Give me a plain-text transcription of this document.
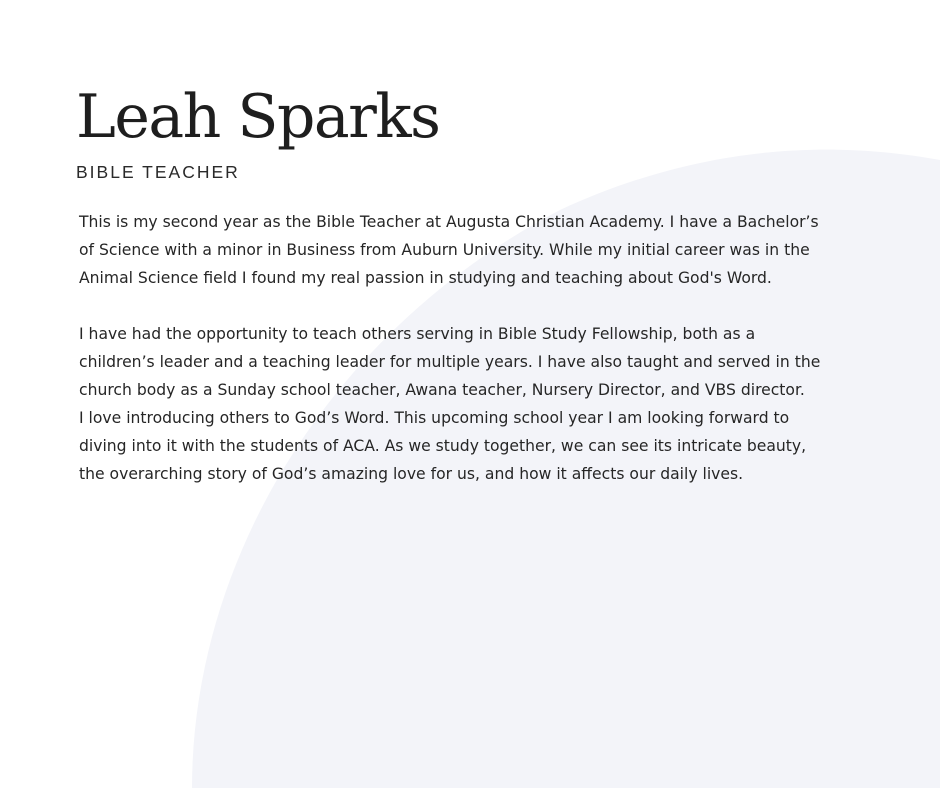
Leah Sparks
BIBLE TEACHER

This is my second year as the Bible Teacher at Augusta Christian Academy. I have a Bachelor’s
of Science with a minor in Business from Auburn University. While my initial career was in the
Animal Science field I found my real passion in studying and teaching about God's Word.

I have had the opportunity to teach others serving in Bible Study Fellowship, both as a
children’s leader and a teaching leader for multiple years. I have also taught and served in the
church body as a Sunday school teacher, Awana teacher, Nursery Director, and VBS director.
I love introducing others to God’s Word. This upcoming school year I am looking forward to
diving into it with the students of ACA. As we study together, we can see its intricate beauty,
the overarching story of God’s amazing love for us, and how it affects our daily lives.
